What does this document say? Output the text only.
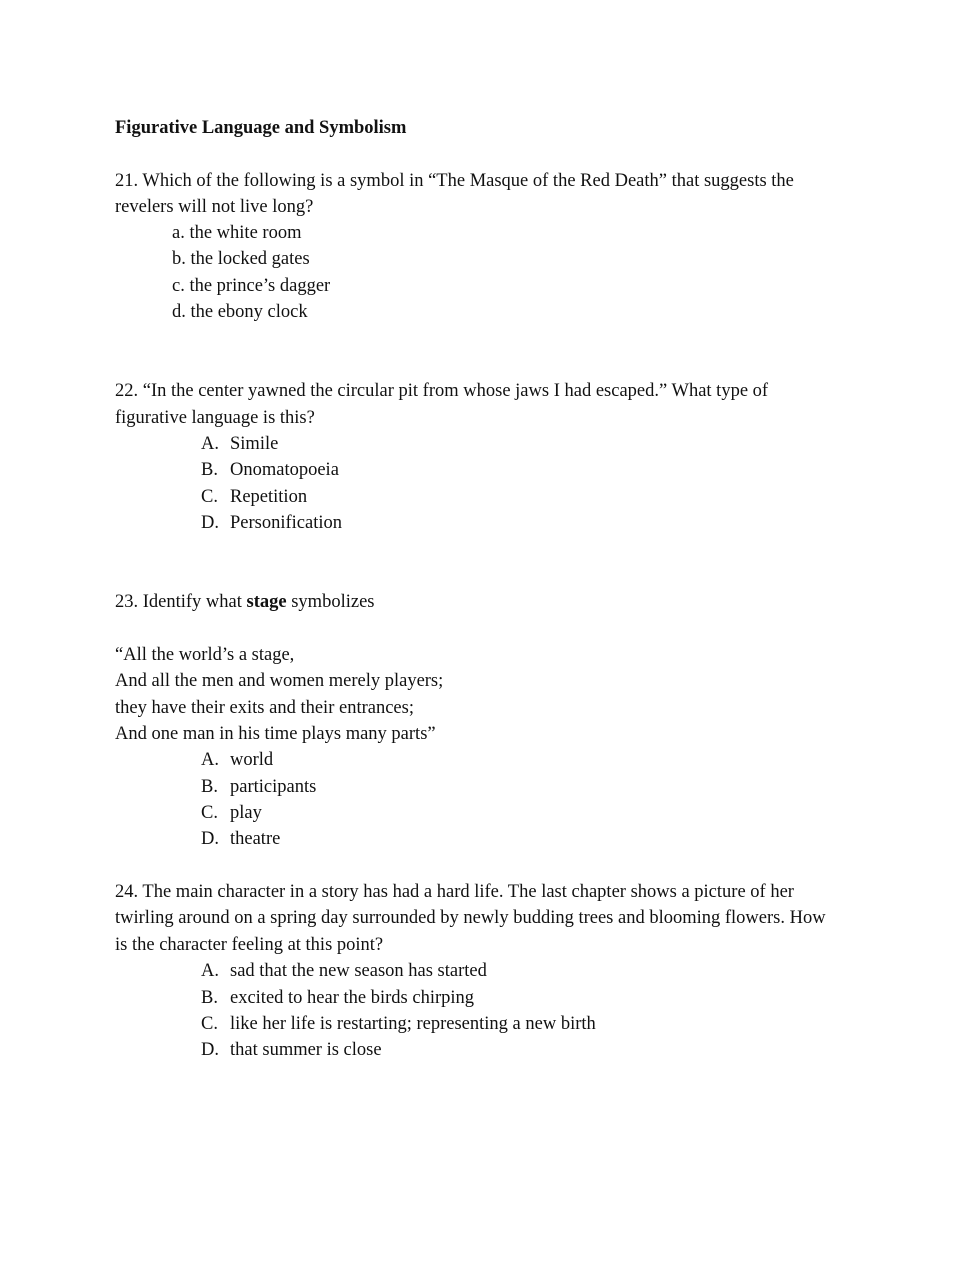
Figurative Language and Symbolism
21. Which of the following is a symbol in “The Masque of the Red Death” that suggests the
revelers will not live long?
a. the white room
b. the locked gates
c. the prince’s dagger
d. the ebony clock
22. “In the center yawned the circular pit from whose jaws I had escaped.” What type of
figurative language is this?
A. Simile
B. Onomatopoeia
C. Repetition
D. Personification
23. Identify what stage symbolizes
“All the world’s a stage,
And all the men and women merely players;
they have their exits and their entrances;
And one man in his time plays many parts”
A. world
B. participants
C. play
D. theatre
24. The main character in a story has had a hard life. The last chapter shows a picture of her
twirling around on a spring day surrounded by newly budding trees and blooming flowers. How
is the character feeling at this point?
A. sad that the new season has started
B. excited to hear the birds chirping
C. like her life is restarting; representing a new birth
D. that summer is close
